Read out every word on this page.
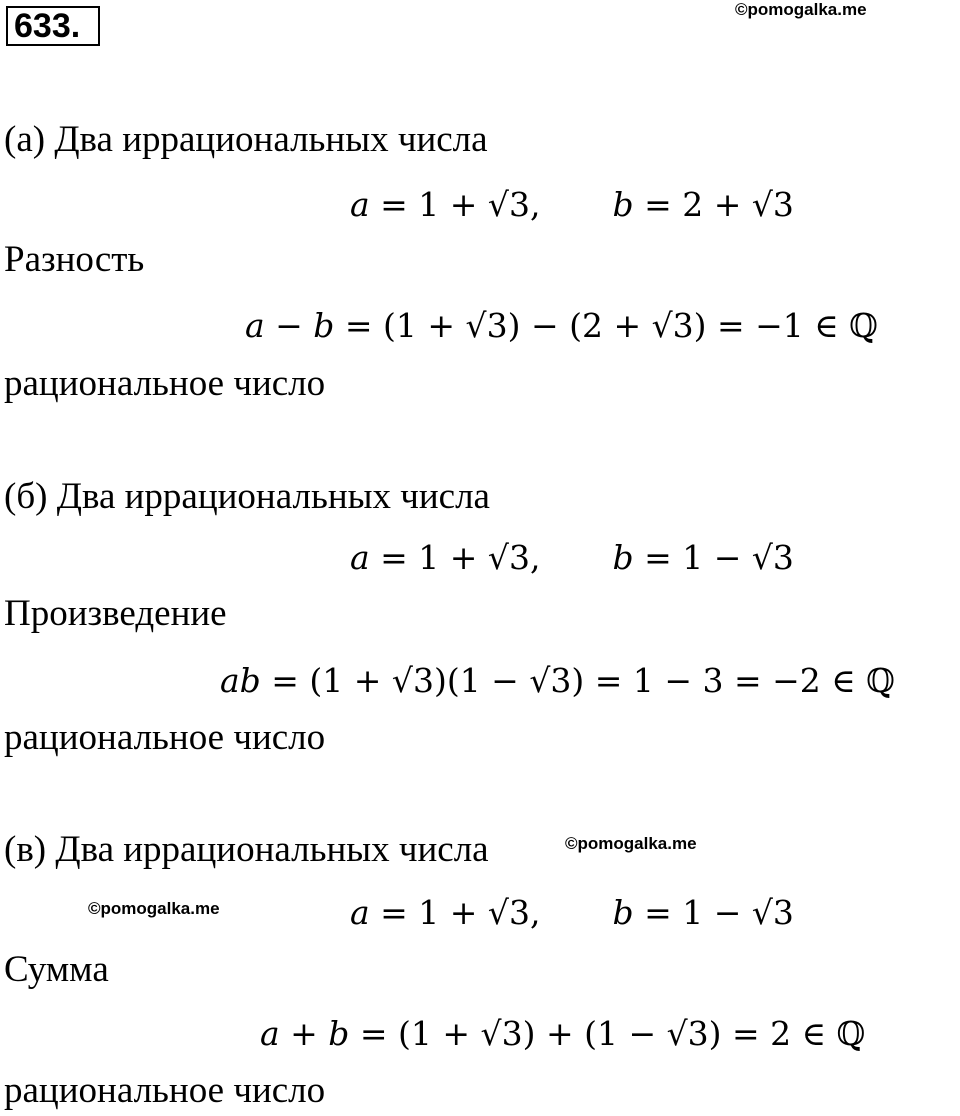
633.	©pomogalka.me
(а) Два иррациональных числа
𝑎 = 1 + √3, 𝑏 = 2 + √3
Разность
𝑎 − 𝑏 = (1 + √3) − (2 + √3) = −1 ∈ ℚ
рациональное число
(б) Два иррациональных числа
𝑎 = 1 + √3, 𝑏 = 1 − √3
Произведение
𝑎𝑏 = (1 + √3)(1 − √3) = 1 − 3 = −2 ∈ ℚ
рациональное число
(в) Два иррациональных числа	©pomogalka.me
©pomogalka.me	𝑎 = 1 + √3, 𝑏 = 1 − √3
Сумма
𝑎 + 𝑏 = (1 + √3) + (1 − √3) = 2 ∈ ℚ
рациональное число
